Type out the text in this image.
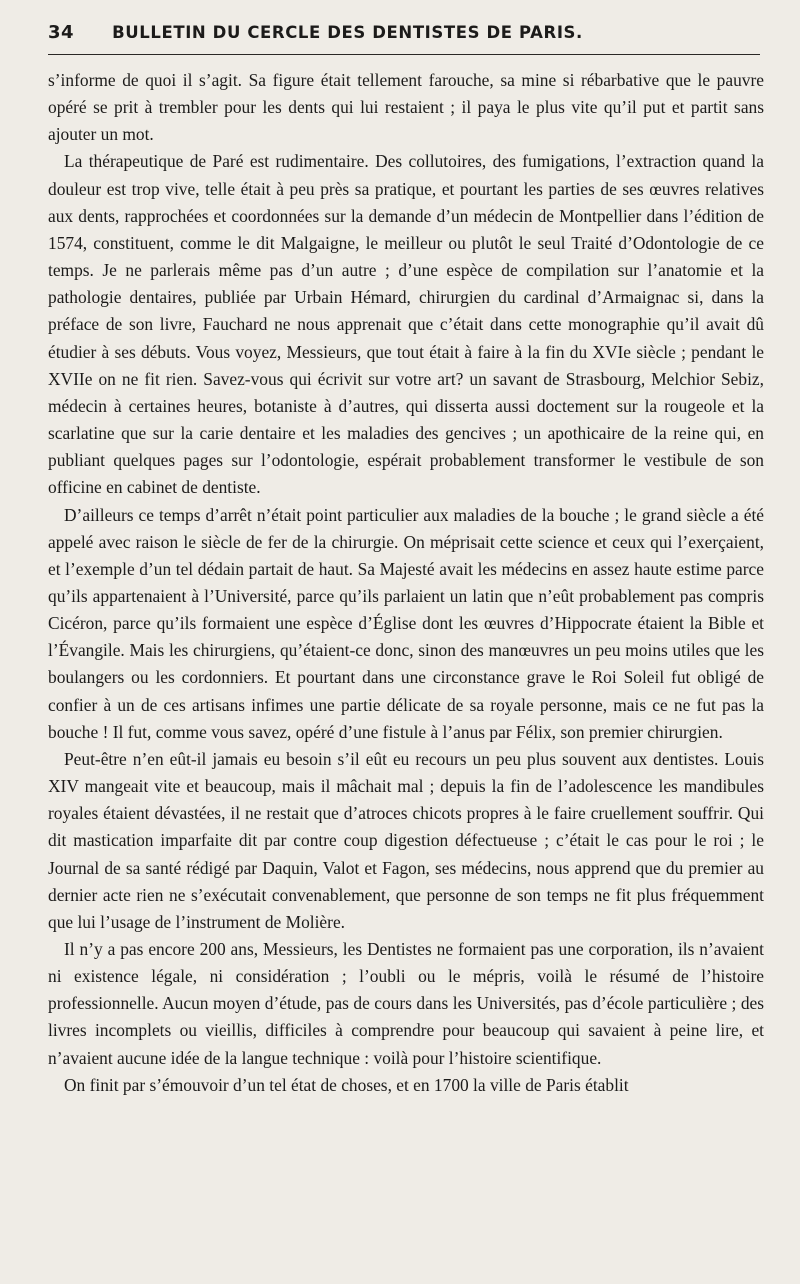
34 BULLETIN DU CERCLE DES DENTISTES DE PARIS.

s’informe de quoi il s’agit. Sa figure était tellement farouche, sa mine si rébarbative que le pauvre opéré se prit à trembler pour les dents qui lui restaient ; il paya le plus vite qu’il put et partit sans ajouter un mot.

La thérapeutique de Paré est rudimentaire. Des collutoires, des fumigations, l’extraction quand la douleur est trop vive, telle était à peu près sa pratique, et pourtant les parties de ses œuvres relatives aux dents, rapprochées et coordonnées sur la demande d’un médecin de Montpellier dans l’édition de 1574, constituent, comme le dit Malgaigne, le meilleur ou plutôt le seul Traité d’Odontologie de ce temps. Je ne parlerais même pas d’un autre ; d’une espèce de compilation sur l’anatomie et la pathologie dentaires, publiée par Urbain Hémard, chirurgien du cardinal d’Armaignac si, dans la préface de son livre, Fauchard ne nous apprenait que c’était dans cette monographie qu’il avait dû étudier à ses débuts. Vous voyez, Messieurs, que tout était à faire à la fin du XVIe siècle ; pendant le XVIIe on ne fit rien. Savez-vous qui écrivit sur votre art? un savant de Strasbourg, Melchior Sebiz, médecin à certaines heures, botaniste à d’autres, qui disserta aussi doctement sur la rougeole et la scarlatine que sur la carie dentaire et les maladies des gencives ; un apothicaire de la reine qui, en publiant quelques pages sur l’odontologie, espérait probablement transformer le vestibule de son officine en cabinet de dentiste.

D’ailleurs ce temps d’arrêt n’était point particulier aux maladies de la bouche ; le grand siècle a été appelé avec raison le siècle de fer de la chirurgie. On méprisait cette science et ceux qui l’exerçaient, et l’exemple d’un tel dédain partait de haut. Sa Majesté avait les médecins en assez haute estime parce qu’ils appartenaient à l’Université, parce qu’ils parlaient un latin que n’eût probablement pas compris Cicéron, parce qu’ils formaient une espèce d’Église dont les œuvres d’Hippocrate étaient la Bible et l’Évangile. Mais les chirurgiens, qu’étaient-ce donc, sinon des manœuvres un peu moins utiles que les boulangers ou les cordonniers. Et pourtant dans une circonstance grave le Roi Soleil fut obligé de confier à un de ces artisans infimes une partie délicate de sa royale personne, mais ce ne fut pas la bouche ! Il fut, comme vous savez, opéré d’une fistule à l’anus par Félix, son premier chirurgien.

Peut-être n’en eût-il jamais eu besoin s’il eût eu recours un peu plus souvent aux dentistes. Louis XIV mangeait vite et beaucoup, mais il mâchait mal ; depuis la fin de l’adolescence les mandibules royales étaient dévastées, il ne restait que d’atroces chicots propres à le faire cruellement souffrir. Qui dit mastication imparfaite dit par contre coup digestion défectueuse ; c’était le cas pour le roi ; le Journal de sa santé rédigé par Daquin, Valot et Fagon, ses médecins, nous apprend que du premier au dernier acte rien ne s’exécutait convenablement, que personne de son temps ne fit plus fréquemment que lui l’usage de l’instrument de Molière.

Il n’y a pas encore 200 ans, Messieurs, les Dentistes ne formaient pas une corporation, ils n’avaient ni existence légale, ni considération ; l’oubli ou le mépris, voilà le résumé de l’histoire professionnelle. Aucun moyen d’étude, pas de cours dans les Universités, pas d’école particulière ; des livres incomplets ou vieillis, difficiles à comprendre pour beaucoup qui savaient à peine lire, et n’avaient aucune idée de la langue technique : voilà pour l’histoire scientifique.

On finit par s’émouvoir d’un tel état de choses, et en 1700 la ville de Paris établit
